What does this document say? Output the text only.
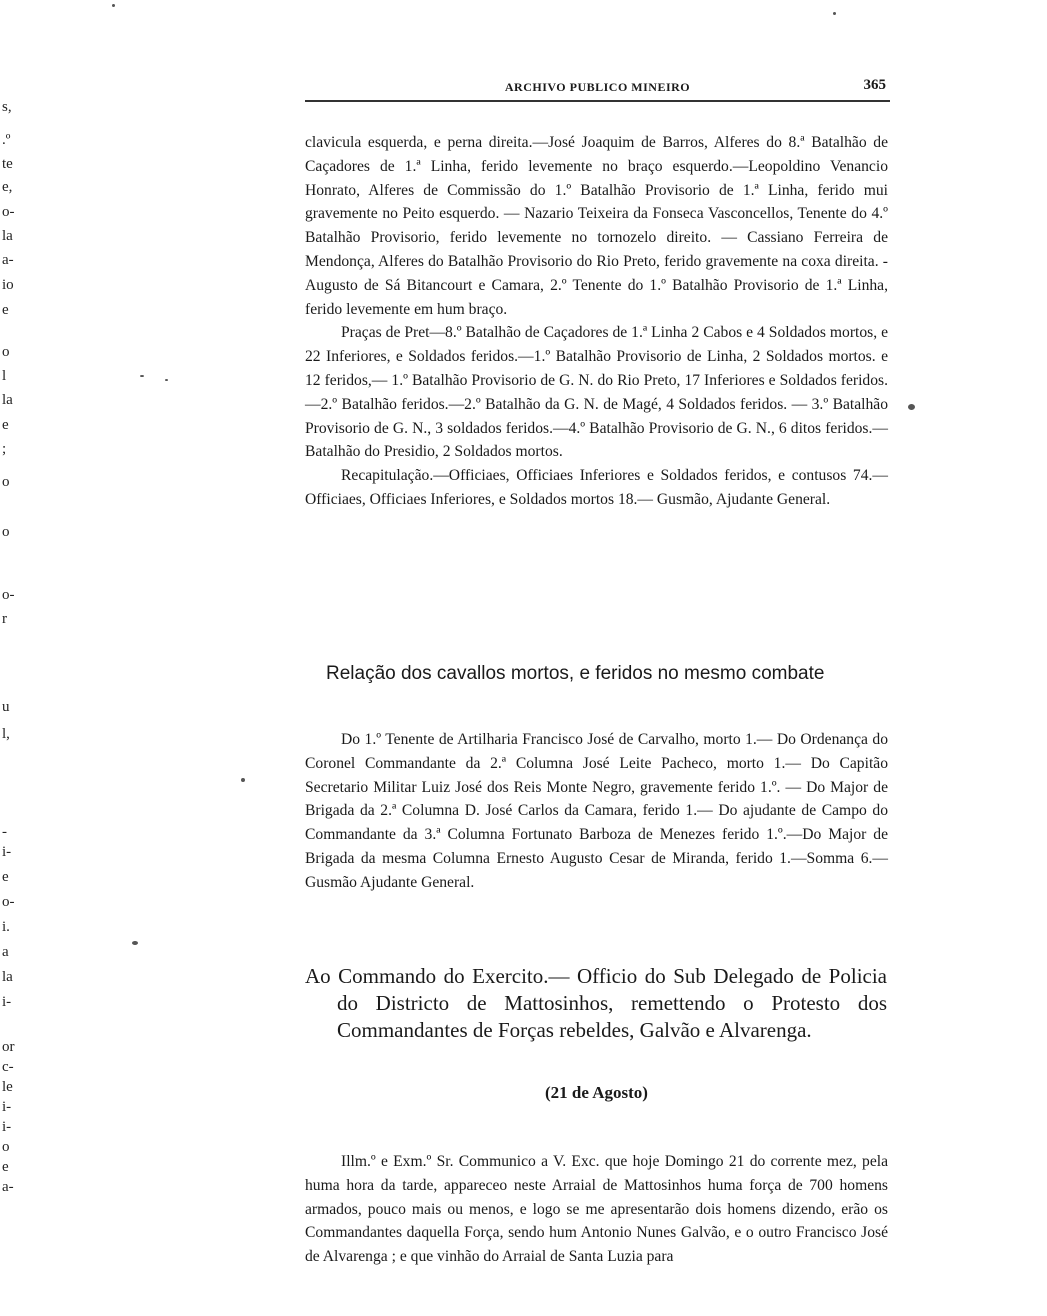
s,
.º
te
e,
o-
la
a-
io
e
o
l
la
e
;
o
o
o-
r
u
l,
-
i-
e
o-
i.
a
la
i-
or
c-
le
i-
i-
o
e
a-
ARCHIVO PUBLICO MINEIRO	365

clavicula esquerda, e perna direita.—José Joaquim de Barros, Alferes do 8.ª Batalhão de Caçadores de 1.ª Linha, ferido levemente no braço esquerdo.—Leopoldino Venancio Honrato, Alferes de Commissão do 1.º Batalhão Provisorio de 1.ª Linha, ferido mui gravemente no Peito esquerdo. — Nazario Teixeira da Fonseca Vasconcellos, Tenente do 4.º Batalhão Provisorio, ferido levemente no tornozelo direito. — Cassiano Ferreira de Mendonça, Alferes do Batalhão Provisorio do Rio Preto, ferido gravemente na coxa direita. - Augusto de Sá Bitancourt e Camara, 2.º Tenente do 1.º Batalhão Provisorio de 1.ª Linha, ferido levemente em hum braço.

Praças de Pret—8.º Batalhão de Caçadores de 1.ª Linha 2 Cabos e 4 Soldados mortos, e 22 Inferiores, e Soldados feridos.—1.º Batalhão Provisorio de Linha, 2 Soldados mortos. e 12 feridos,— 1.º Batalhão Provisorio de G. N. do Rio Preto, 17 Inferiores e Soldados feridos.—2.º Batalhão feridos.—2.º Batalhão da G. N. de Magé, 4 Soldados feridos. — 3.º Batalhão Provisorio de G. N., 3 soldados feridos.—4.º Batalhão Provisorio de G. N., 6 ditos feridos.—Batalhão do Presidio, 2 Soldados mortos.

Recapitulação.—Officiaes, Officiaes Inferiores e Soldados feridos, e contusos 74.—Officiaes, Officiaes Inferiores, e Soldados mortos 18.— Gusmão, Ajudante General.

Relação dos cavallos mortos, e feridos no mesmo combate

Do 1.º Tenente de Artilharia Francisco José de Carvalho, morto 1.— Do Ordenança do Coronel Commandante da 2.ª Columna José Leite Pacheco, morto 1.— Do Capitão Secretario Militar Luiz José dos Reis Monte Negro, gravemente ferido 1.º. — Do Major de Brigada da 2.ª Columna D. José Carlos da Camara, ferido 1.— Do ajudante de Campo do Commandante da 3.ª Columna Fortunato Barboza de Menezes ferido 1.º.—Do Major de Brigada da mesma Columna Ernesto Augusto Cesar de Miranda, ferido 1.—Somma 6.—Gusmão Ajudante General.

Ao Commando do Exercito.— Officio do Sub Delegado de Policia do Districto de Mattosinhos, remettendo o Protesto dos Commandantes de Forças rebeldes, Galvão e Alvarenga.
(21 de Agosto)

Illm.º e Exm.º Sr. Communico a V. Exc. que hoje Domingo 21 do corrente mez, pela huma hora da tarde, appareceo neste Arraial de Mattosinhos huma força de 700 homens armados, pouco mais ou menos, e logo se me apresentarão dois homens dizendo, erão os Commandantes daquella Força, sendo hum Antonio Nunes Galvão, e o outro Francisco José de Alvarenga ; e que vinhão do Arraial de Santa Luzia para
